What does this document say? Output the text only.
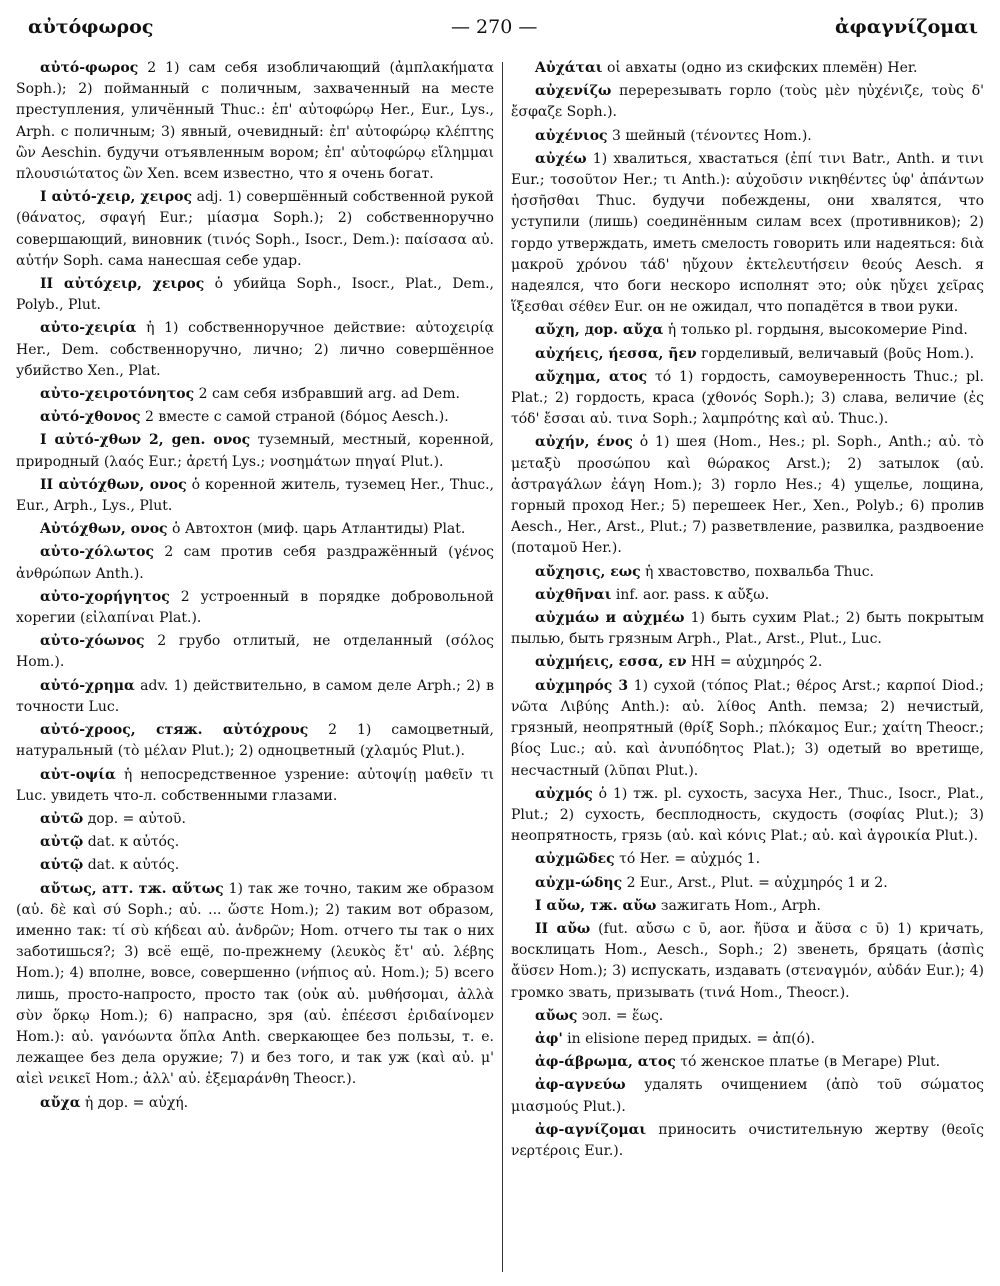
αὐτόφωρος	— 270 —	ἀφαγνίζομαι

αὐτό-φωρος 2 1) сам себя изобличающий (ἀμπλακήματα Soph.); 2) пойманный с поличным, захваченный на месте преступления, уличённый Thuc.: ἐπ' αὐτοφώρῳ Her., Eur., Lys., Arph. с поличным; 3) явный, очевидный: ἐπ' αὐτοφώρῳ κλέπτης ὢν Aeschin. будучи отъявленным вором; ἐπ' αὐτοφώρῳ εἴλημμαι πλουσιώτατος ὢν Xen. всем известно, что я очень богат.

I αὐτό-χειρ, χειρος adj. 1) совершённый собственной рукой (θάνατος, σφαγή Eur.; μίασμα Soph.); 2) собственноручно совершающий, виновник (τινός Soph., Isocr., Dem.): παίσασα αὐ. αὐτήν Soph. сама нанесшая себе удар.

II αὐτόχειρ, χειρος ὁ убийца Soph., Isocr., Plat., Dem., Polyb., Plut.

αὐτο-χειρία ἡ 1) собственноручное действие: αὐτοχειρίᾳ Her., Dem. собственноручно, лично; 2) лично совершённое убийство Xen., Plat.

αὐτο-χειροτόνητος 2 сам себя избравший arg. ad Dem.

αὐτό-χθονος 2 вместе с самой страной (δόμος Aesch.).

I αὐτό-χθων 2, gen. ονος туземный, местный, коренной, природный (λαός Eur.; ἀρετή Lys.; νοσημάτων πηγαί Plut.).

II αὐτόχθων, ονος ὁ коренной житель, туземец Her., Thuc., Eur., Arph., Lys., Plut.

Αὐτόχθων, ονος ὁ Автохтон (миф. царь Атлантиды) Plat.

αὐτο-χόλωτος 2 сам против себя раздражённый (γένος ἀνθρώπων Anth.).

αὐτο-χορήγητος 2 устроенный в порядке добровольной хорегии (εἰλαπίναι Plat.).

αὐτο-χόωνος 2 грубо отлитый, не отделанный (σόλος Hom.).

αὐτό-χρημα adv. 1) действительно, в самом деле Arph.; 2) в точности Luc.

αὐτό-χροος, стяж. αὐτόχρους 2 1) самоцветный, натуральный (τὸ μέλαν Plut.); 2) одноцветный (χλαμύς Plut.).

αὐτ-οψία ἡ непосредственное узрение: αὐτοψίῃ μαθεῖν τι Luc. увидеть что-л. собственными глазами.

αὐτῶ дор. = αὐτοῦ.

αὐτῷ dat. к αὐτός.

αὑτῷ dat. к αὑτός.

αὔτως, атт. тж. αὕτως 1) так же точно, таким же образом (αὐ. δὲ καὶ σύ Soph.; αὐ. ... ὥστε Hom.); 2) таким вот образом, именно так: τί σὺ κήδεαι αὐ. ἀνδρῶν; Hom. отчего ты так о них заботишься?; 3) всё ещё, по-прежнему (λευκὸς ἔτ' αὐ. λέβης Hom.); 4) вполне, вовсе, совершенно (νήπιος αὐ. Hom.); 5) всего лишь, просто-напросто, просто так (οὐκ αὐ. μυθήσομαι, ἀλλὰ σὺν ὅρκῳ Hom.); 6) напрасно, зря (αὐ. ἐπέεσσι ἐριδαίνομεν Hom.): αὐ. γανόωντα ὅπλα Anth. сверкающее без пользы, т. е. лежащее без дела оружие; 7) и без того, и так уж (καὶ αὐ. μ' αἰεὶ νεικεῖ Hom.; ἀλλ' αὐ. ἐξεμαράνθη Theocr.).

αὔχα ἡ дор. = αὐχή.

Αὐχάται οἱ авхаты (одно из скифских племён) Her.

αὐχενίζω перерезывать горло (τοὺς μὲν ηὐχένιζε, τοὺς δ' ἔσφαζε Soph.).

αὐχένιος 3 шейный (τένοντες Hom.).

αὐχέω 1) хвалиться, хвастаться (ἐπί τινι Batr., Anth. и τινι Eur.; τοσοῦτον Her.; τι Anth.): αὐχοῦσιν νικηθέντες ὑφ' ἁπάντων ἡσσῆσθαι Thuc. будучи побеждены, они хвалятся, что уступили (лишь) соединённым силам всех (противников); 2) гордо утверждать, иметь смелость говорить или надеяться: διὰ μακροῦ χρόνου τάδ' ηὔχουν ἐκτελευτήσειν θεούς Aesch. я надеялся, что боги нескоро исполнят это; οὐκ ηὔχει χεῖρας ἵξεσθαι σέθεν Eur. он не ожидал, что попадётся в твои руки.

αὔχη, дор. αὔχα ἡ только pl. гордыня, высокомерие Pind.

αὐχήεις, ήεσσα, ῆεν горделивый, величавый (βοῦς Hom.).

αὔχημα, ατος τό 1) гордость, самоуверенность Thuc.; pl. Plat.; 2) гордость, краса (χθονός Soph.); 3) слава, величие (ἐς τόδ' ἔσσαι αὐ. τινα Soph.; λαμπρότης καὶ αὐ. Thuc.).

αὐχήν, ένος ὁ 1) шея (Hom., Hes.; pl. Soph., Anth.; αὐ. τὸ μεταξὺ προσώπου καὶ θώρακος Arst.); 2) затылок (αὐ. ἀστραγάλων ἐάγη Hom.); 3) горло Hes.; 4) ущелье, лощина, горный проход Her.; 5) перешеек Her., Xen., Polyb.; 6) пролив Aesch., Her., Arst., Plut.; 7) разветвление, развилка, раздвоение (ποταμοῦ Her.).

αὔχησις, εως ἡ хвастовство, похвальба Thuc.

αὐχθῆναι inf. aor. pass. к αὔξω.

αὐχμάω и αὐχμέω 1) быть сухим Plat.; 2) быть покрытым пылью, быть грязным Arph., Plat., Arst., Plut., Luc.

αὐχμήεις, εσσα, εν HH = αὐχμηρός 2.

αὐχμηρός 3 1) сухой (τόπος Plat.; θέρος Arst.; καρποί Diod.; νῶτα Λιβύης Anth.): αὐ. λίθος Anth. пемза; 2) нечистый, грязный, неопрятный (θρίξ Soph.; πλόκαμος Eur.; χαίτη Theocr.; βίος Luc.; αὐ. καὶ ἀνυπόδητος Plat.); 3) одетый во вретище, несчастный (λῦπαι Plut.).

αὐχμός ὁ 1) тж. pl. сухость, засуха Her., Thuc., Isocr., Plat., Plut.; 2) сухость, бесплодность, скудость (σοφίας Plut.); 3) неопрятность, грязь (αὐ. καὶ κόνις Plat.; αὐ. καὶ ἀγροικία Plut.).

αὐχμῶδες τό Her. = αὐχμός 1.

αὐχμ-ώδης 2 Eur., Arst., Plut. = αὐχμηρός 1 и 2.

I αὔω, тж. αὔω зажигать Hom., Arph.

II αὔω (fut. αὔσω с ῡ, aor. ἤϋσα и ἄϋσα с ῡ) 1) кричать, восклицать Hom., Aesch., Soph.; 2) звенеть, бряцать (ἀσπὶς ἄϋσεν Hom.); 3) испускать, издавать (στεναγμόν, αὐδάν Eur.); 4) громко звать, призывать (τινά Hom., Theocr.).

αὔως эол. = ἕως.

ἀφ' in elisione перед придых. = ἀπ(ό).

ἀφ-άβρωμα, ατος τό женское платье (в Мегаре) Plut.

ἀφ-αγνεύω удалять очищением (ἀπὸ τοῦ σώματος μιασμούς Plut.).

ἀφ-αγνίζομαι приносить очистительную жертву (θεοῖς νερτέροις Eur.).
